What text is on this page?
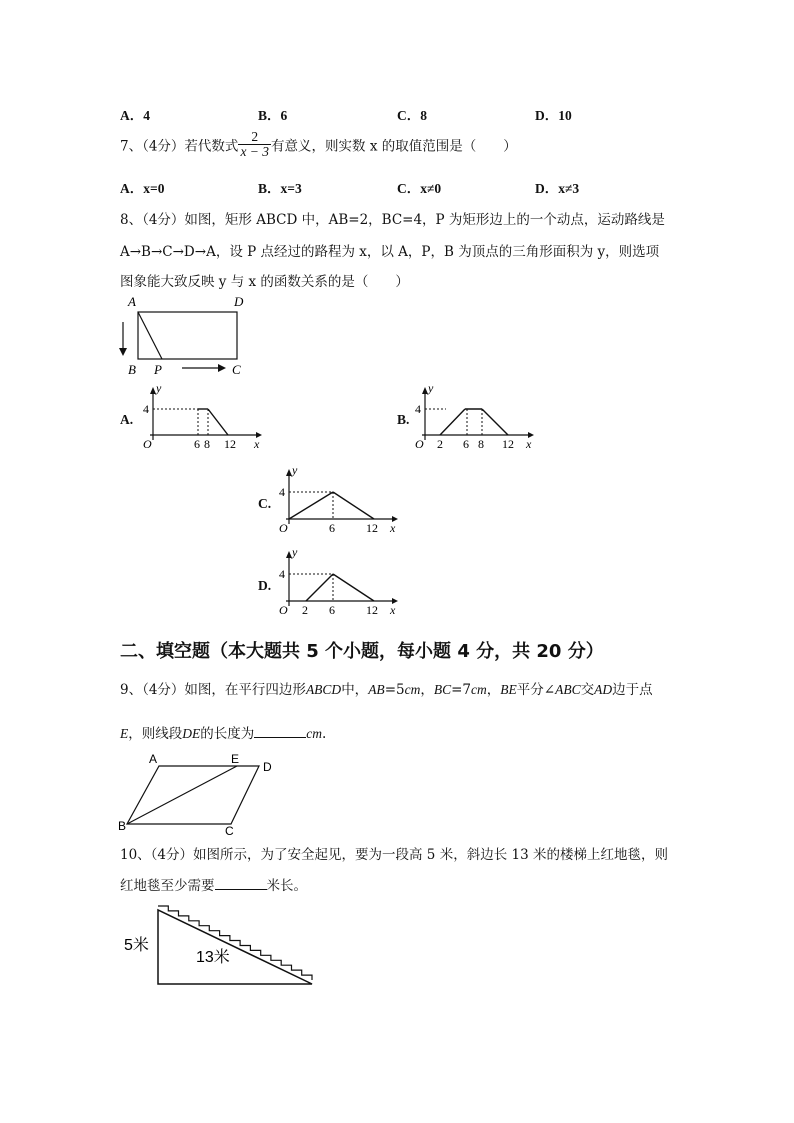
A．4	B．6	C．8	D．10
7、（4分）若代数式 $\frac{2}{x - 3}$ 有意义，则实数 x 的取值范围是（　　）
A．x=0	B．x=3	C．x≠0	D．x≠3
8、（4分）如图，矩形 ABCD 中，AB=2，BC=4，P 为矩形边上的一个动点，运动路线是
A→B→C→D→A，设 P 点经过的路程为 x，以 A，P，B 为顶点的三角形面积为 y，则选项
图象能大致反映 y 与 x 的函数关系的是（　　）
A	D
B P	C
A.
4
O
y
x
6 8 12
B.
4
O
y
x
2 6 8 12
C.
4
O
y
x
6	12
D.
4
O
y
x
2 6	12
二、填空题（本大题共 5 个小题，每小题 4 分，共 20 分）
9、（4分）如图，在平行四边形ABCD中，AB=5cm，BC=7cm，BE平分∠ABC交AD边于点
E，则线段DE的长度为	cm.
A	E
D
B	C
10、（4分）如图所示，为了安全起见，要为一段高 5 米，斜边长 13 米的楼梯上红地毯，则
红地毯至少需要	米长。
5米
13米
